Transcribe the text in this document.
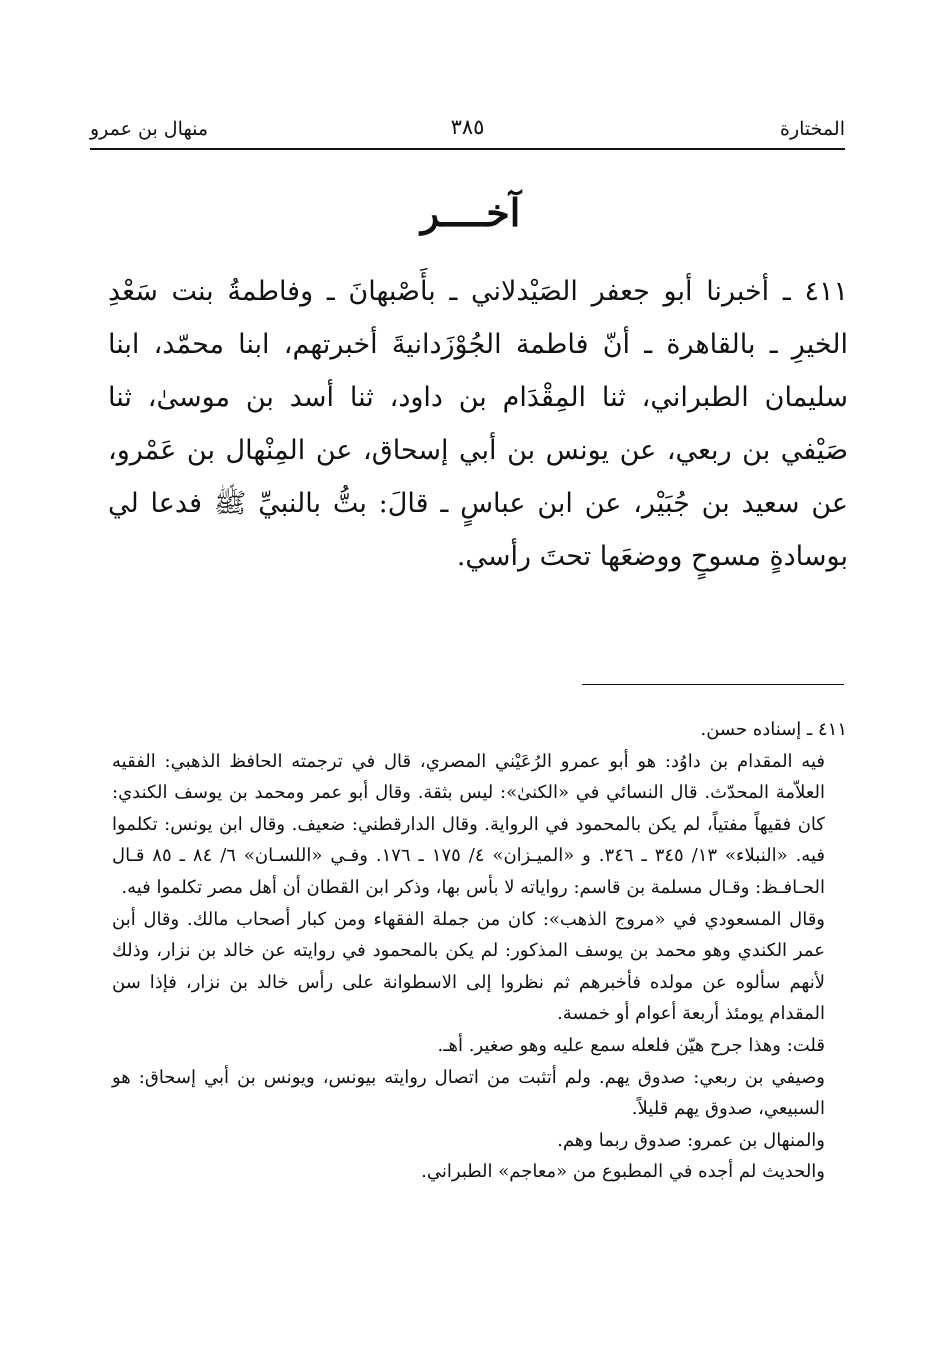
المختارة
٣٨٥
منهال بن عمرو
آخــــر

٤١١ ـ أخبرنا أبو جعفر الصَيْدلاني ـ بأَصْبهانَ ـ وفاطمةُ بنت سَعْدِ الخيرِ ـ بالقاهرة ـ أنّ فاطمة الجُوْزَدانيةَ أخبرتهم، ابنا محمّد، ابنا سليمان الطبراني، ثنا المِقْدَام بن داود، ثنا أسد بن موسىٰ، ثنا صَيْفي بن ربعي، عن يونس بن أبي إسحاق، عن المِنْهال بن عَمْرو، عن سعيد بن جُبَيْر، عن ابن عباسٍ ـ قالَ: بتُّ بالنبيِّ ﷺ فدعا لي بوسادةٍ مسوحٍ ووضعَها تحتَ رأسي.

٤١١ ـ إسناده حسن.

فيه المقدام بن داوُد: هو أبو عمرو الرُعَيْني المصري، قال في ترجمته الحافظ الذهبي: الفقيه العلاّمة المحدّث. قال النسائي في «الكنىٰ»: ليس بثقة. وقال أبو عمر ومحمد بن يوسف الكندي: كان فقيهاً مفتياً، لم يكن بالمحمود في الرواية. وقال الدارقطني: ضعيف. وقال ابن يونس: تكلموا فيه. «النبلاء» ١٣/ ٣٤٥ ـ ٣٤٦. و «الميـزان» ٤/ ١٧٥ ـ ١٧٦. وفـي «اللسـان» ٦/ ٨٤ ـ ٨٥ قـال الحـافـظ: وقـال مسلمة بن قاسم: رواياته لا بأس بها، وذكر ابن القطان أن أهل مصر تكلموا فيه.

وقال المسعودي في «مروج الذهب»: كان من جملة الفقهاء ومن كبار أصحاب مالك. وقال أبن عمر الكندي وهو محمد بن يوسف المذكور: لم يكن بالمحمود في روايته عن خالد بن نزار، وذلك لأنهم سألوه عن مولده فأخبرهم ثم نظروا إلى الاسطوانة على رأس خالد بن نزار، فإذا سن المقدام يومئذ أربعة أعوام أو خمسة.

قلت: وهذا جرح هيّن فلعله سمع عليه وهو صغير. أهـ.

وصيفي بن ربعي: صدوق يهم. ولم أتثبت من اتصال روايته بيونس، ويونس بن أبي إسحاق: هو السبيعي، صدوق يهم قليلاً.

والمنهال بن عمرو: صدوق ربما وهم.

والحديث لم أجده في المطبوع من «معاجم» الطبراني.
